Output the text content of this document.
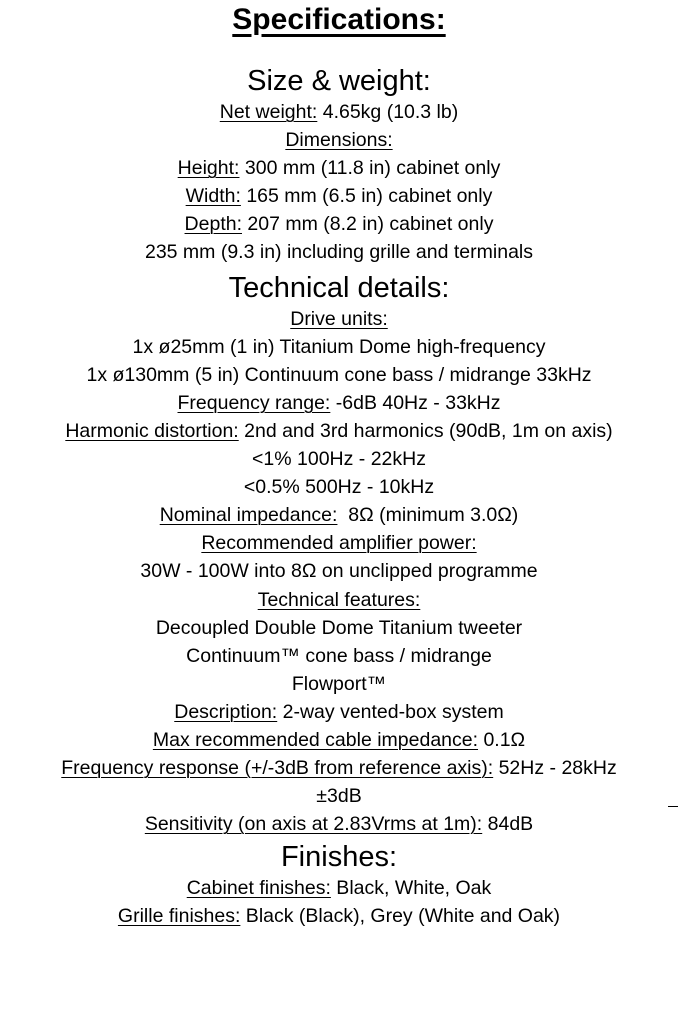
Specifications:
Size & weight:
Net weight: 4.65kg (10.3 lb)
Dimensions:
Height: 300 mm (11.8 in) cabinet only
Width: 165 mm (6.5 in) cabinet only
Depth: 207 mm (8.2 in) cabinet only
235 mm (9.3 in) including grille and terminals
Technical details:
Drive units:
1x ø25mm (1 in) Titanium Dome high-frequency
1x ø130mm (5 in) Continuum cone bass / midrange 33kHz
Frequency range: -6dB 40Hz - 33kHz
Harmonic distortion: 2nd and 3rd harmonics (90dB, 1m on axis)
<1% 100Hz - 22kHz
<0.5% 500Hz - 10kHz
Nominal impedance:  8Ω (minimum 3.0Ω)
Recommended amplifier power:
30W - 100W into 8Ω on unclipped programme
Technical features:
Decoupled Double Dome Titanium tweeter
Continuum™ cone bass / midrange
Flowport™
Description: 2-way vented-box system
Max recommended cable impedance: 0.1Ω
Frequency response (+/-3dB from reference axis): 52Hz - 28kHz
±3dB
Sensitivity (on axis at 2.83Vrms at 1m): 84dB
Finishes:
Cabinet finishes: Black, White, Oak
Grille finishes: Black (Black), Grey (White and Oak)
